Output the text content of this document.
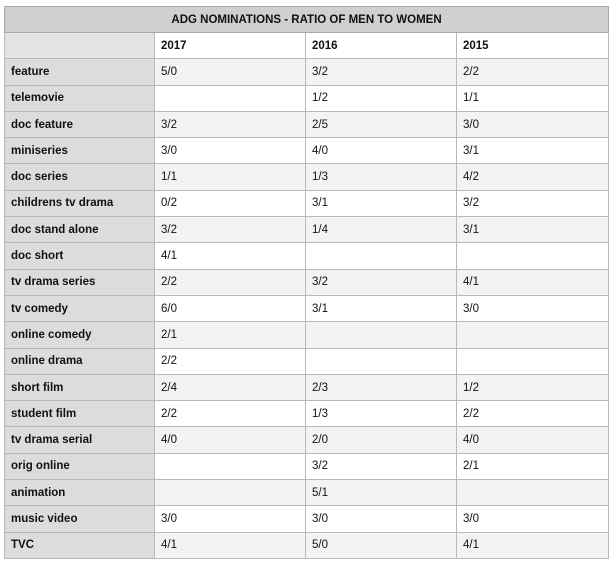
ADG NOMINATIONS - RATIO OF MEN TO WOMEN			
	2017	2016	2015
feature	5/0	3/2	2/2
telemovie		1/2	1/1
doc feature	3/2	2/5	3/0
miniseries	3/0	4/0	3/1
doc series	1/1	1/3	4/2
childrens tv drama	0/2	3/1	3/2
doc stand alone	3/2	1/4	3/1
doc short	4/1		
tv drama series	2/2	3/2	4/1
tv comedy	6/0	3/1	3/0
online comedy	2/1		
online drama	2/2		
short film	2/4	2/3	1/2
student film	2/2	1/3	2/2
tv drama serial	4/0	2/0	4/0
orig online		3/2	2/1
animation		5/1	
music video	3/0	3/0	3/0
TVC	4/1	5/0	4/1
